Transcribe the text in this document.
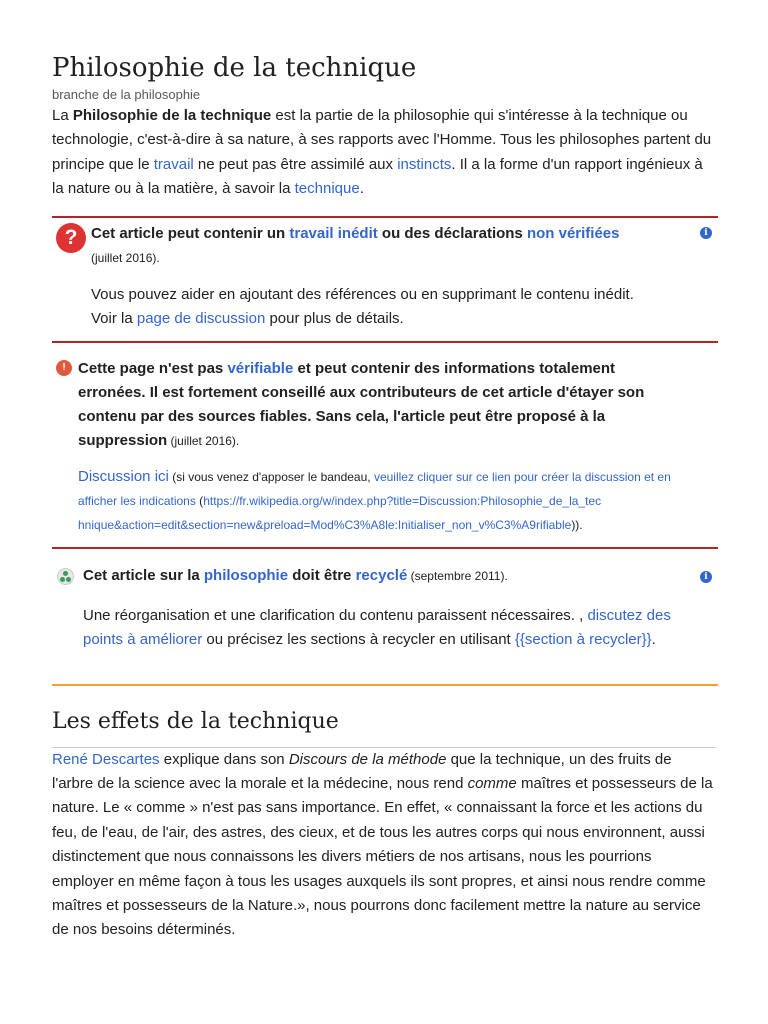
Philosophie de la technique
branche de la philosophie

La Philosophie de la technique est la partie de la philosophie qui s'intéresse à la technique ou technologie, c'est-à-dire à sa nature, à ses rapports avec l'Homme. Tous les philosophes partent du principe que le travail ne peut pas être assimilé aux instincts. Il a la forme d'un rapport ingénieux à la nature ou à la matière, à savoir la technique.

? Cet article peut contenir un travail inédit ou des déclarations non vérifiées
(juillet 2016).
i
Vous pouvez aider en ajoutant des références ou en supprimant le contenu inédit.
Voir la page de discussion pour plus de détails.
! Cette page n'est pas vérifiable et peut contenir des informations totalement erronées. Il est fortement conseillé aux contributeurs de cet article d'étayer son contenu par des sources fiables. Sans cela, l'article peut être proposé à la suppression (juillet 2016).
Discussion ici (si vous venez d'apposer le bandeau, veuillez cliquer sur ce lien pour créer la discussion et en afficher les indications (https://fr.wikipedia.org/w/index.php?title=Discussion:Philosophie_de_la_tec
hnique&action=edit&section=new&preload=Mod%C3%A8le:Initialiser_non_v%C3%A9rifiable)).
Cet article sur la philosophie doit être recyclé (septembre 2011).	i
Une réorganisation et une clarification du contenu paraissent nécessaires. , discutez des points à améliorer ou précisez les sections à recycler en utilisant {{section à recycler}}.
Les effets de la technique

René Descartes explique dans son Discours de la méthode que la technique, un des fruits de l'arbre de la science avec la morale et la médecine, nous rend comme maîtres et possesseurs de la nature. Le « comme » n'est pas sans importance. En effet, « connaissant la force et les actions du feu, de l'eau, de l'air, des astres, des cieux, et de tous les autres corps qui nous environnent, aussi distinctement que nous connaissons les divers métiers de nos artisans, nous les pourrions employer en même façon à tous les usages auxquels ils sont propres, et ainsi nous rendre comme maîtres et possesseurs de la Nature.», nous pourrons donc facilement mettre la nature au service de nos besoins déterminés.
